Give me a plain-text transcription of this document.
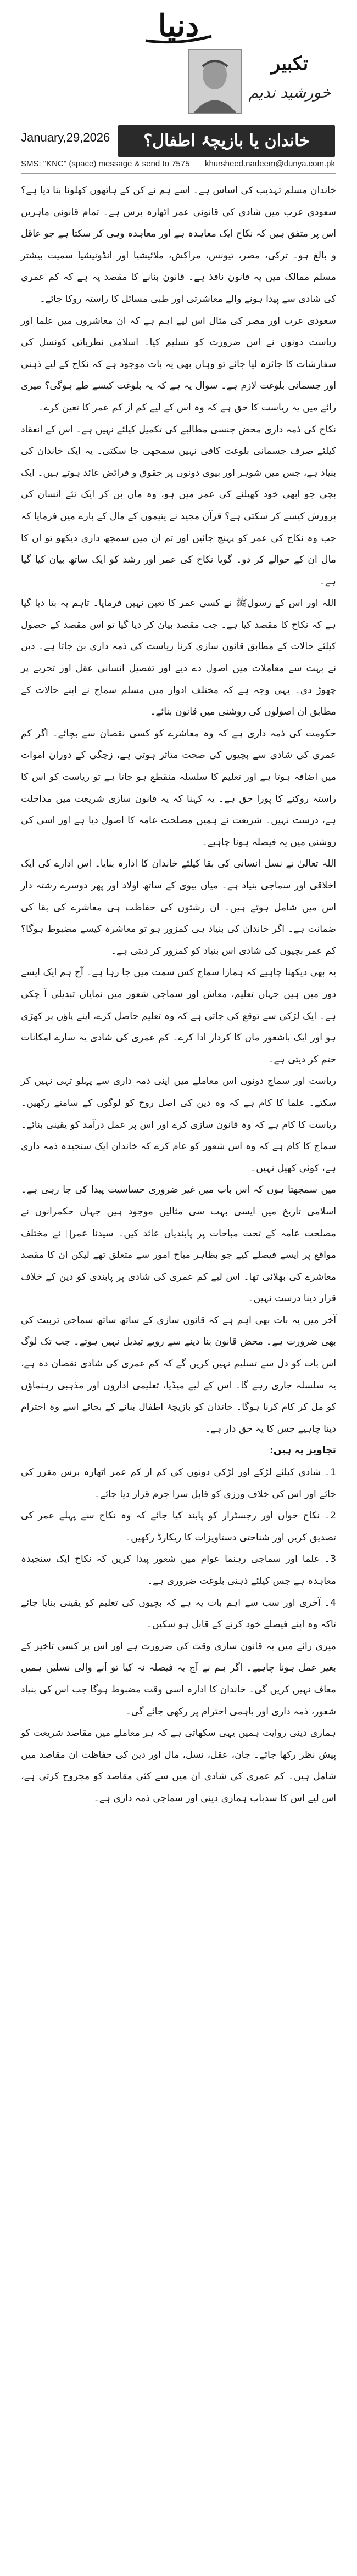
دنیا
تکبیر
خورشید ندیم
January,29,2026	خاندان یا بازیچۂ اطفال؟
SMS: "KNC" (space) message & send to 7575 khursheed.nadeem@dunya.com.pk

خاندان مسلم تہذیب کی اساس ہے۔ اسے ہم نے کن کے ہاتھوں کھلونا بنا دیا ہے؟ سعودی عرب میں شادی کی قانونی عمر اٹھارہ برس ہے۔ تمام قانونی ماہرین اس پر متفق ہیں کہ نکاح ایک معاہدہ ہے اور معاہدہ وہی کر سکتا ہے جو عاقل و بالغ ہو۔ ترکی، مصر، تیونس، مراکش، ملائیشیا اور انڈونیشیا سمیت بیشتر مسلم ممالک میں یہ قانون نافذ ہے۔ قانون بنانے کا مقصد یہ ہے کہ کم عمری کی شادی سے پیدا ہونے والے معاشرتی اور طبی مسائل کا راستہ روکا جائے۔

سعودی عرب اور مصر کی مثال اس لیے اہم ہے کہ ان معاشروں میں علما اور ریاست دونوں نے اس ضرورت کو تسلیم کیا۔ اسلامی نظریاتی کونسل کی سفارشات کا جائزہ لیا جائے تو وہاں بھی یہ بات موجود ہے کہ نکاح کے لیے ذہنی اور جسمانی بلوغت لازم ہے۔ سوال یہ ہے کہ یہ بلوغت کیسے طے ہوگی؟ میری رائے میں یہ ریاست کا حق ہے کہ وہ اس کے لیے کم از کم عمر کا تعین کرے۔

نکاح کی ذمہ داری محض جنسی مطالبے کی تکمیل کیلئے نہیں ہے۔ اس کے انعقاد کیلئے صرف جسمانی بلوغت کافی نہیں سمجھی جا سکتی۔ یہ ایک خاندان کی بنیاد ہے، جس میں شوہر اور بیوی دونوں پر حقوق و فرائض عائد ہوتے ہیں۔ ایک بچی جو ابھی خود کھیلنے کی عمر میں ہو، وہ ماں بن کر ایک نئے انسان کی پرورش کیسے کر سکتی ہے؟ قرآن مجید نے یتیموں کے مال کے بارے میں فرمایا کہ جب وہ نکاح کی عمر کو پہنچ جائیں اور تم ان میں سمجھ داری دیکھو تو ان کا مال ان کے حوالے کر دو۔ گویا نکاح کی عمر اور رشد کو ایک ساتھ بیان کیا گیا ہے۔

اللہ اور اس کے رسولﷺ نے کسی عمر کا تعین نہیں فرمایا۔ تاہم یہ بتا دیا گیا ہے کہ نکاح کا مقصد کیا ہے۔ جب مقصد بیان کر دیا گیا تو اس مقصد کے حصول کیلئے حالات کے مطابق قانون سازی کرنا ریاست کی ذمہ داری بن جاتا ہے۔ دین نے بہت سے معاملات میں اصول دے دیے اور تفصیل انسانی عقل اور تجربے پر چھوڑ دی۔ یہی وجہ ہے کہ مختلف ادوار میں مسلم سماج نے اپنے حالات کے مطابق ان اصولوں کی روشنی میں قانون بنائے۔

حکومت کی ذمہ داری ہے کہ وہ معاشرے کو کسی نقصان سے بچائے۔ اگر کم عمری کی شادی سے بچیوں کی صحت متاثر ہوتی ہے، زچگی کے دوران اموات میں اضافہ ہوتا ہے اور تعلیم کا سلسلہ منقطع ہو جاتا ہے تو ریاست کو اس کا راستہ روکنے کا پورا حق ہے۔ یہ کہنا کہ یہ قانون سازی شریعت میں مداخلت ہے، درست نہیں۔ شریعت نے ہمیں مصلحت عامہ کا اصول دیا ہے اور اسی کی روشنی میں یہ فیصلہ ہونا چاہیے۔

اللہ تعالیٰ نے نسل انسانی کی بقا کیلئے خاندان کا ادارہ بنایا۔ اس ادارے کی ایک اخلاقی اور سماجی بنیاد ہے۔ میاں بیوی کے ساتھ اولاد اور پھر دوسرے رشتہ دار اس میں شامل ہوتے ہیں۔ ان رشتوں کی حفاظت ہی معاشرے کی بقا کی ضمانت ہے۔ اگر خاندان کی بنیاد ہی کمزور ہو تو معاشرہ کیسے مضبوط ہوگا؟ کم عمر بچیوں کی شادی اس بنیاد کو کمزور کر دیتی ہے۔

یہ بھی دیکھنا چاہیے کہ ہمارا سماج کس سمت میں جا رہا ہے۔ آج ہم ایک ایسے دور میں ہیں جہاں تعلیم، معاش اور سماجی شعور میں نمایاں تبدیلی آ چکی ہے۔ ایک لڑکی سے توقع کی جاتی ہے کہ وہ تعلیم حاصل کرے، اپنے پاؤں پر کھڑی ہو اور ایک باشعور ماں کا کردار ادا کرے۔ کم عمری کی شادی یہ سارے امکانات ختم کر دیتی ہے۔

ریاست اور سماج دونوں اس معاملے میں اپنی ذمہ داری سے پہلو تہی نہیں کر سکتے۔ علما کا کام ہے کہ وہ دین کی اصل روح کو لوگوں کے سامنے رکھیں۔ ریاست کا کام ہے کہ وہ قانون سازی کرے اور اس پر عمل درآمد کو یقینی بنائے۔ سماج کا کام ہے کہ وہ اس شعور کو عام کرے کہ خاندان ایک سنجیدہ ذمہ داری ہے، کوئی کھیل نہیں۔

میں سمجھتا ہوں کہ اس باب میں غیر ضروری حساسیت پیدا کی جا رہی ہے۔ اسلامی تاریخ میں ایسی بہت سی مثالیں موجود ہیں جہاں حکمرانوں نے مصلحت عامہ کے تحت مباحات پر پابندیاں عائد کیں۔ سیدنا عمرؓ نے مختلف مواقع پر ایسے فیصلے کیے جو بظاہر مباح امور سے متعلق تھے لیکن ان کا مقصد معاشرے کی بھلائی تھا۔ اس لیے کم عمری کی شادی پر پابندی کو دین کے خلاف قرار دینا درست نہیں۔

آخر میں یہ بات بھی اہم ہے کہ قانون سازی کے ساتھ ساتھ سماجی تربیت کی بھی ضرورت ہے۔ محض قانون بنا دینے سے رویے تبدیل نہیں ہوتے۔ جب تک لوگ اس بات کو دل سے تسلیم نہیں کریں گے کہ کم عمری کی شادی نقصان دہ ہے، یہ سلسلہ جاری رہے گا۔ اس کے لیے میڈیا، تعلیمی اداروں اور مذہبی رہنماؤں کو مل کر کام کرنا ہوگا۔ خاندان کو بازیچۂ اطفال بنانے کے بجائے اسے وہ احترام دینا چاہیے جس کا یہ حق دار ہے۔

تجاویز یہ ہیں:

1۔ شادی کیلئے لڑکے اور لڑکی دونوں کی کم از کم عمر اٹھارہ برس مقرر کی جائے اور اس کی خلاف ورزی کو قابل سزا جرم قرار دیا جائے۔

2۔ نکاح خواں اور رجسٹرار کو پابند کیا جائے کہ وہ نکاح سے پہلے عمر کی تصدیق کریں اور شناختی دستاویزات کا ریکارڈ رکھیں۔

3۔ علما اور سماجی رہنما عوام میں شعور پیدا کریں کہ نکاح ایک سنجیدہ معاہدہ ہے جس کیلئے ذہنی بلوغت ضروری ہے۔

4۔ آخری اور سب سے اہم بات یہ ہے کہ بچیوں کی تعلیم کو یقینی بنایا جائے تاکہ وہ اپنے فیصلے خود کرنے کے قابل ہو سکیں۔

میری رائے میں یہ قانون سازی وقت کی ضرورت ہے اور اس پر کسی تاخیر کے بغیر عمل ہونا چاہیے۔ اگر ہم نے آج یہ فیصلہ نہ کیا تو آنے والی نسلیں ہمیں معاف نہیں کریں گی۔ خاندان کا ادارہ اسی وقت مضبوط ہوگا جب اس کی بنیاد شعور، ذمہ داری اور باہمی احترام پر رکھی جائے گی۔

ہماری دینی روایت ہمیں یہی سکھاتی ہے کہ ہر معاملے میں مقاصد شریعت کو پیش نظر رکھا جائے۔ جان، عقل، نسل، مال اور دین کی حفاظت ان مقاصد میں شامل ہیں۔ کم عمری کی شادی ان میں سے کئی مقاصد کو مجروح کرتی ہے، اس لیے اس کا سدباب ہماری دینی اور سماجی ذمہ داری ہے۔
